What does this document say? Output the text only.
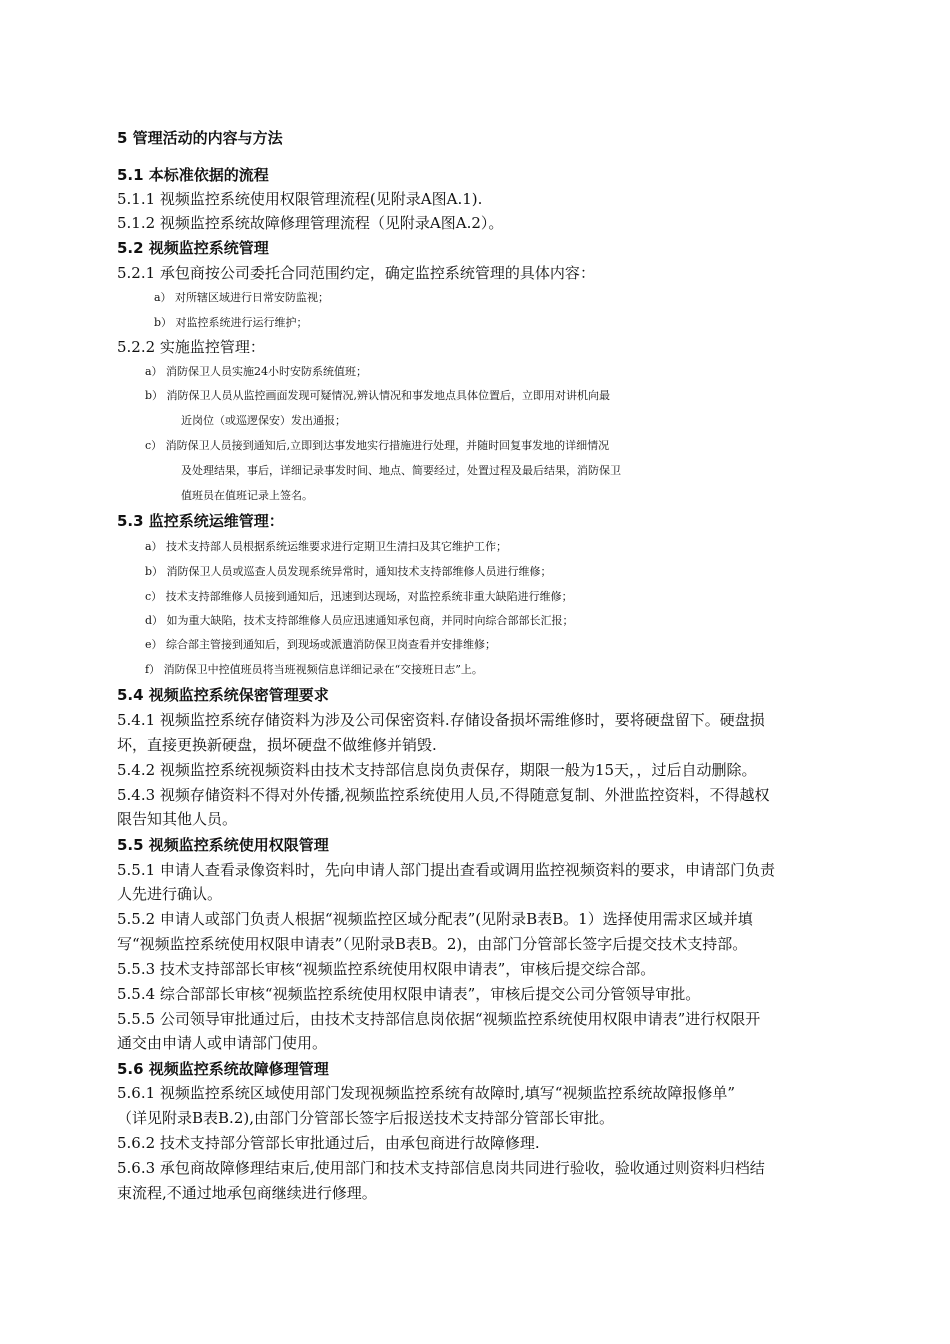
5 管理活动的内容与方法

5.1 本标准依据的流程

5.1.1 视频监控系统使用权限管理流程(见附录A图A.1).

5.1.2 视频监控系统故障修理管理流程（见附录A图A.2）。

5.2 视频监控系统管理

5.2.1 承包商按公司委托合同范围约定，确定监控系统管理的具体内容：

a） 对所辖区域进行日常安防监视；

b） 对监控系统进行运行维护；

5.2.2 实施监控管理：

a） 消防保卫人员实施24小时安防系统值班；

b） 消防保卫人员从监控画面发现可疑情况,辨认情况和事发地点具体位置后，立即用对讲机向最

近岗位（或巡逻保安）发出通报；

c） 消防保卫人员接到通知后,立即到达事发地实行措施进行处理，并随时回复事发地的详细情况

及处理结果，事后，详细记录事发时间、地点、简要经过，处置过程及最后结果，消防保卫

值班员在值班记录上签名。

5.3 监控系统运维管理：

a） 技术支持部人员根据系统运维要求进行定期卫生清扫及其它维护工作；

b） 消防保卫人员或巡查人员发现系统异常时，通知技术支持部维修人员进行维修；

c） 技术支持部维修人员接到通知后，迅速到达现场，对监控系统非重大缺陷进行维修；

d） 如为重大缺陷，技术支持部维修人员应迅速通知承包商，并同时向综合部部长汇报；

e） 综合部主管接到通知后，到现场或派遣消防保卫岗查看并安排维修；

f） 消防保卫中控值班员将当班视频信息详细记录在“交接班日志”上。

5.4 视频监控系统保密管理要求

5.4.1 视频监控系统存储资料为涉及公司保密资料.存储设备损坏需维修时，要将硬盘留下。硬盘损

坏，直接更换新硬盘，损坏硬盘不做维修并销毁.

5.4.2 视频监控系统视频资料由技术支持部信息岗负责保存，期限一般为15天，，过后自动删除。

5.4.3 视频存储资料不得对外传播,视频监控系统使用人员,不得随意复制、外泄监控资料，不得越权

限告知其他人员。

5.5 视频监控系统使用权限管理

5.5.1 申请人查看录像资料时，先向申请人部门提出查看或调用监控视频资料的要求，申请部门负责

人先进行确认。

5.5.2 申请人或部门负责人根据“视频监控区域分配表”(见附录B表B。1）选择使用需求区域并填

写“视频监控系统使用权限申请表”（见附录B表B。2)，由部门分管部长签字后提交技术支持部。

5.5.3 技术支持部部长审核“视频监控系统使用权限申请表”，审核后提交综合部。

5.5.4 综合部部长审核“视频监控系统使用权限申请表”，审核后提交公司分管领导审批。

5.5.5 公司领导审批通过后，由技术支持部信息岗依据“视频监控系统使用权限申请表”进行权限开

通交由申请人或申请部门使用。

5.6 视频监控系统故障修理管理

5.6.1 视频监控系统区域使用部门发现视频监控系统有故障时,填写“视频监控系统故障报修单”

（详见附录B表B.2),由部门分管部长签字后报送技术支持部分管部长审批。

5.6.2 技术支持部分管部长审批通过后，由承包商进行故障修理.

5.6.3 承包商故障修理结束后,使用部门和技术支持部信息岗共同进行验收，验收通过则资料归档结

束流程,不通过地承包商继续进行修理。
